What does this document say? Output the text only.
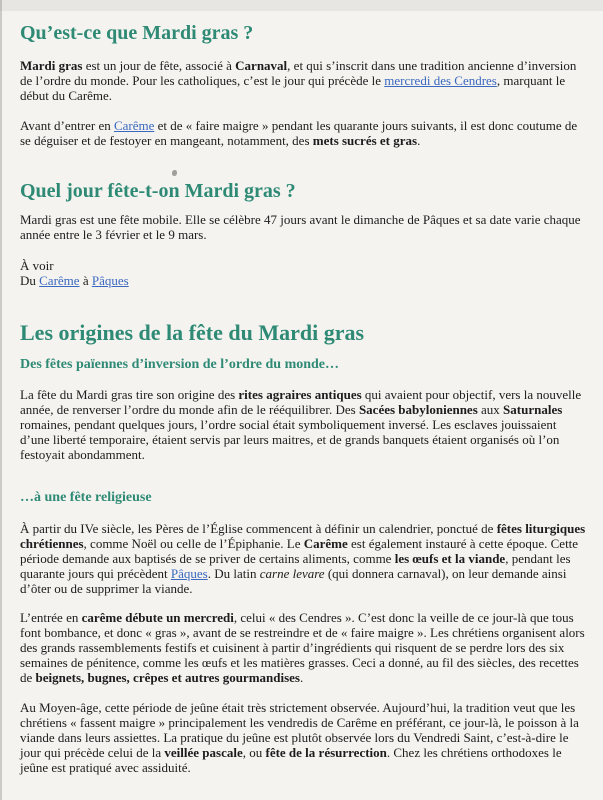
Qu’est-ce que Mardi gras ?

Mardi gras est un jour de fête, associé à Carnaval, et qui s’inscrit dans une tradition ancienne d’inversion de l’ordre du monde. Pour les catholiques, c’est le jour qui précède le mercredi des Cendres, marquant le début du Carême.

Avant d’entrer en Carême et de « faire maigre » pendant les quarante jours suivants, il est donc coutume de se déguiser et de festoyer en mangeant, notamment, des mets sucrés et gras.

Quel jour fête-t-on Mardi gras ?

Mardi gras est une fête mobile. Elle se célèbre 47 jours avant le dimanche de Pâques et sa date varie chaque année entre le 3 février et le 9 mars.

À voir
Du Carême à Pâques
Les origines de la fête du Mardi gras
Des fêtes païennes d’inversion de l’ordre du monde…

La fête du Mardi gras tire son origine des rites agraires antiques qui avaient pour objectif, vers la nouvelle année, de renverser l’ordre du monde afin de le rééquilibrer. Des Sacées babyloniennes aux Saturnales romaines, pendant quelques jours, l’ordre social était symboliquement inversé. Les esclaves jouissaient d’une liberté temporaire, étaient servis par leurs maitres, et de grands banquets étaient organisés où l’on festoyait abondamment.

…à une fête religieuse

À partir du IVe siècle, les Pères de l’Église commencent à définir un calendrier, ponctué de fêtes liturgiques chrétiennes, comme Noël ou celle de l’Épiphanie. Le Carême est également instauré à cette époque. Cette période demande aux baptisés de se priver de certains aliments, comme les œufs et la viande, pendant les quarante jours qui précèdent Pâques. Du latin carne levare (qui donnera carnaval), on leur demande ainsi d’ôter ou de supprimer la viande.

L’entrée en carême débute un mercredi, celui « des Cendres ». C’est donc la veille de ce jour-là que tous font bombance, et donc « gras », avant de se restreindre et de « faire maigre ». Les chrétiens organisent alors des grands rassemblements festifs et cuisinent à partir d’ingrédients qui risquent de se perdre lors des six semaines de pénitence, comme les œufs et les matières grasses. Ceci a donné, au fil des siècles, des recettes de beignets, bugnes, crêpes et autres gourmandises.

Au Moyen-âge, cette période de jeûne était très strictement observée. Aujourd’hui, la tradition veut que les chrétiens « fassent maigre » principalement les vendredis de Carême en préférant, ce jour-là, le poisson à la viande dans leurs assiettes. La pratique du jeûne est plutôt observée lors du Vendredi Saint, c’est-à-dire le jour qui précède celui de la veillée pascale, ou fête de la résurrection. Chez les chrétiens orthodoxes le jeûne est pratiqué avec assiduité.
